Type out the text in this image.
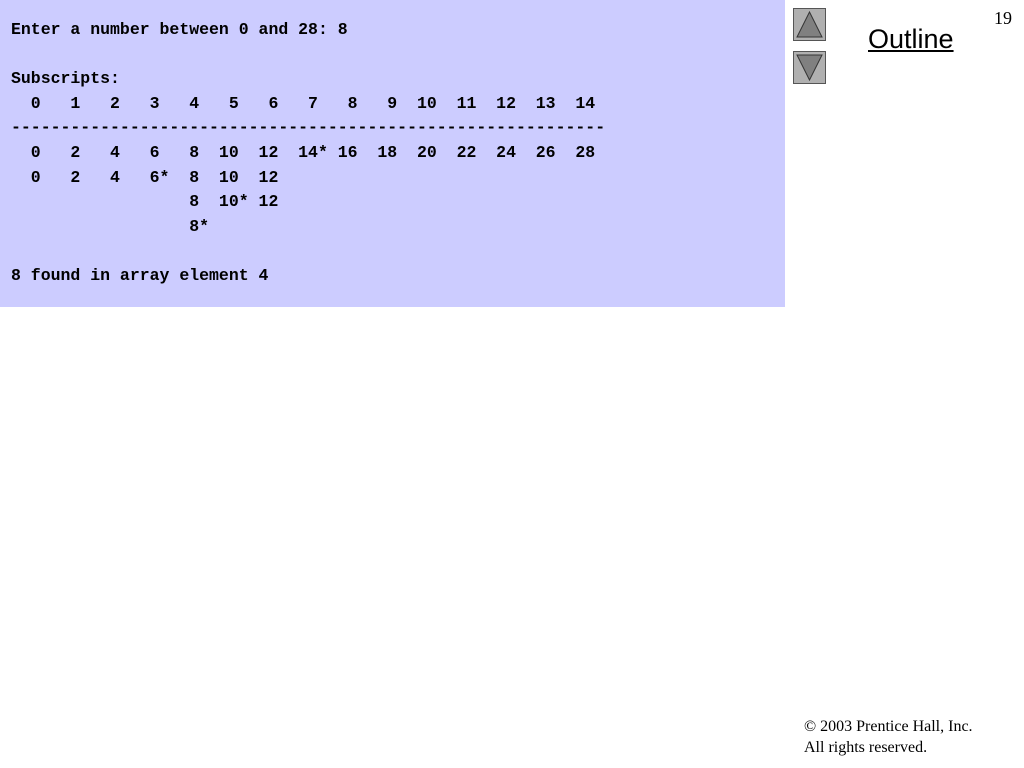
Enter a number between 0 and 28: 8

Subscripts:
0   1   2   3   4   5   6   7   8   9  10  11  12  13  14
------------------------------------------------------------
0   2   4   6   8  10  12  14* 16  18  20  22  24  26  28
0   2   4   6*  8  10  12
8  10* 12
8*

8 found in array element 4
Outline
19
© 2003 Prentice Hall, Inc.
All rights reserved.
